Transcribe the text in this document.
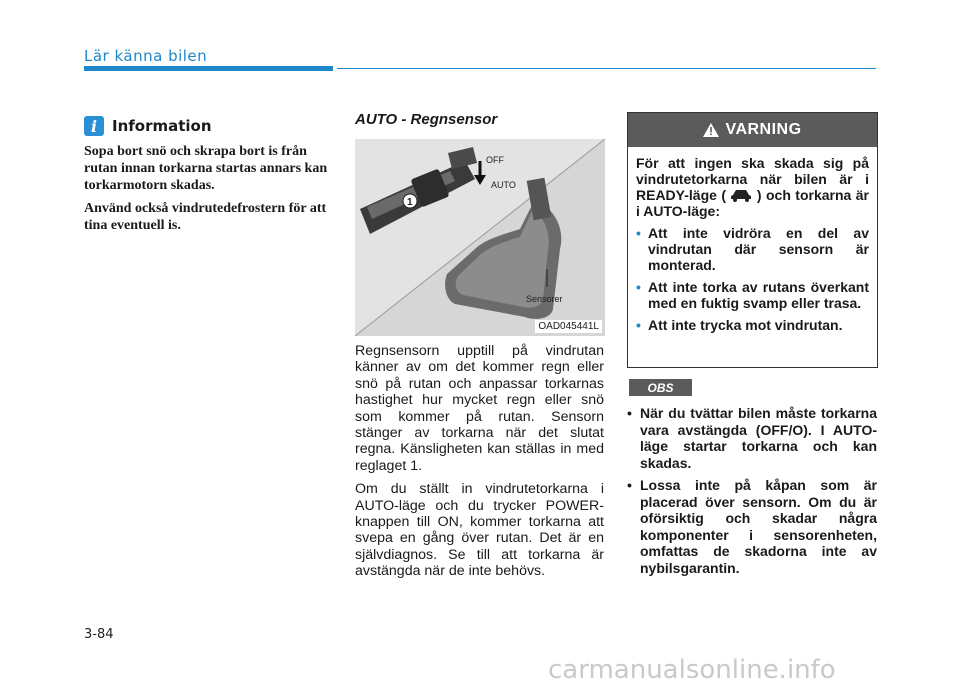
Lär känna bilen
i Information

Sopa bort snö och skrapa bort is från rutan innan torkarna startas annars kan torkarmotorn skadas.

Använd också vindrutedefrostern för att tina eventuell is.

AUTO - Regnsensor
Sensorer
OFF
AUTO
1
OAD045441L

Regnsensorn upptill på vindrutan känner av om det kommer regn eller snö på rutan och anpassar torkarnas hastighet hur mycket regn eller snö som kommer på rutan. Sensorn stänger av torkarna när det slutat regna. Känsligheten kan ställas in med reglaget 1.

Om du ställt in vindrutetorkarna i AUTO-läge och du trycker POWER-knappen till ON, kommer torkarna att svepa en gång över rutan. Det är en självdiagnos. Se till att torkarna är avstängda när de inte behövs.

VARNING

För att ingen ska skada sig på vindrutetorkarna när bilen är i READY-läge ( ) och torkarna är i AUTO-läge:

• Att inte vidröra en del av vindrutan där sensorn är monterad.
• Att inte torka av rutans överkant med en fuktig svamp eller trasa.
• Att inte trycka mot vindrutan.
OBS
• När du tvättar bilen måste torkarna vara avstängda (OFF/O). I AUTO-läge startar torkarna och kan skadas.
• Lossa inte på kåpan som är placerad över sensorn. Om du är oförsiktig och skadar några komponenter i sensorenheten, omfattas de skadorna inte av nybilsgarantin.
3-84
carmanualsonline.info
